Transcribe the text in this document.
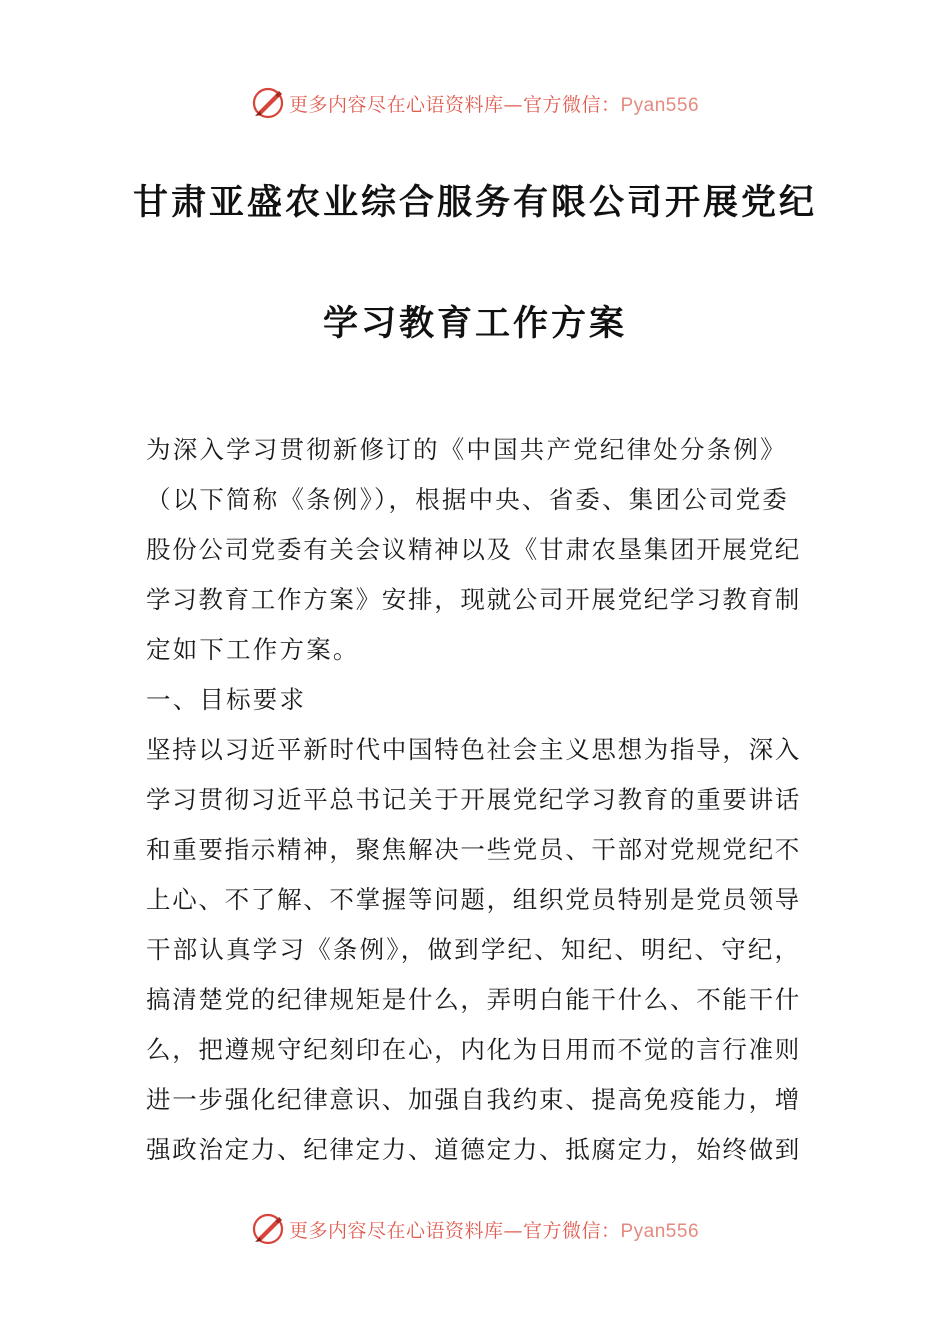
更多内容尽在心语资料库—官方微信：Pyan556
甘肃亚盛农业综合服务有限公司开展党纪
学习教育工作方案
为深入学习贯彻新修订的《中国共产党纪律处分条例》
（以下简称《条例》），根据中央、省委、集团公司党委
股份公司党委有关会议精神以及《甘肃农垦集团开展党纪
学习教育工作方案》安排，现就公司开展党纪学习教育制
定如下工作方案。
一、目标要求
坚持以习近平新时代中国特色社会主义思想为指导，深入
学习贯彻习近平总书记关于开展党纪学习教育的重要讲话
和重要指示精神，聚焦解决一些党员、干部对党规党纪不
上心、不了解、不掌握等问题，组织党员特别是党员领导
干部认真学习《条例》，做到学纪、知纪、明纪、守纪，
搞清楚党的纪律规矩是什么，弄明白能干什么、不能干什
么，把遵规守纪刻印在心，内化为日用而不觉的言行准则
进一步强化纪律意识、加强自我约束、提高免疫能力，增
强政治定力、纪律定力、道德定力、抵腐定力，始终做到
更多内容尽在心语资料库—官方微信：Pyan556
